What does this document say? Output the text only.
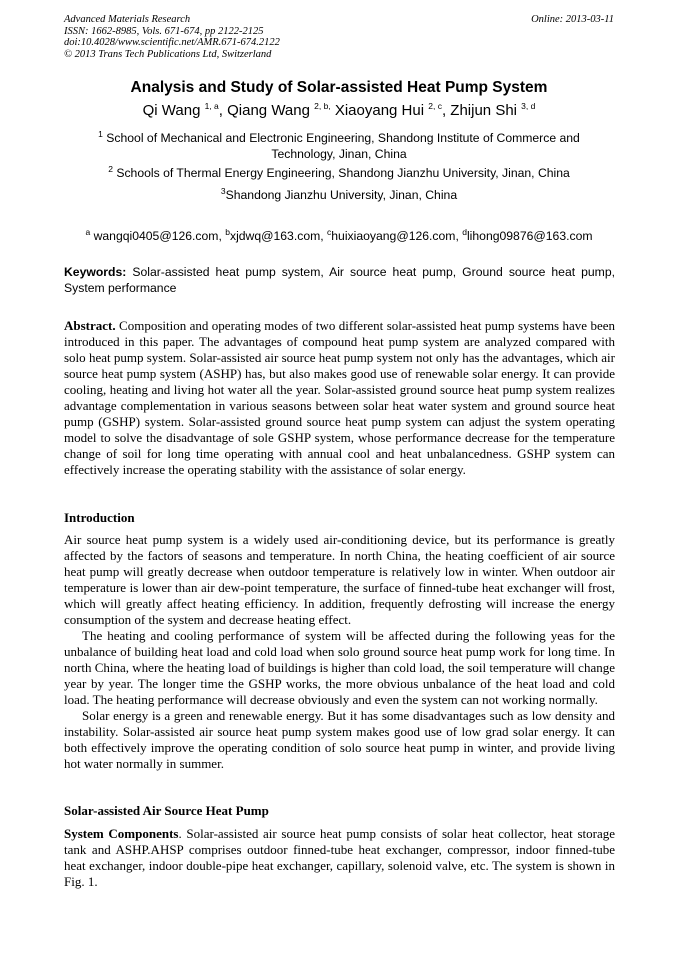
Advanced Materials Research
ISSN: 1662-8985, Vols. 671-674, pp 2122-2125
doi:10.4028/www.scientific.net/AMR.671-674.2122
© 2013 Trans Tech Publications Ltd, Switzerland
Online: 2013-03-11
Analysis and Study of Solar-assisted Heat Pump System
Qi Wang $^{1, a}$, Qiang Wang $^{2, b,}$ Xiaoyang Hui $^{2, c}$, Zhijun Shi $^{3, d}$
$^1$ School of Mechanical and Electronic Engineering, Shandong Institute of Commerce and Technology, Jinan, China
$^2$ Schools of Thermal Energy Engineering, Shandong Jianzhu University, Jinan, China
$^3$Shandong Jianzhu University, Jinan, China
$^a$ wangqi0405@126.com, $^b$xjdwq@163.com, $^c$huixiaoyang@126.com, $^d$lihong09876@163.com
Keywords: Solar-assisted heat pump system, Air source heat pump, Ground source heat pump, System performance

Abstract. Composition and operating modes of two different solar-assisted heat pump systems have been introduced in this paper. The advantages of compound heat pump system are analyzed compared with solo heat pump system. Solar-assisted air source heat pump system not only has the advantages, which air source heat pump system (ASHP) has, but also makes good use of renewable solar energy. It can provide cooling, heating and living hot water all the year. Solar-assisted ground source heat pump system realizes advantage complementation in various seasons between solar heat water system and ground source heat pump (GSHP) system. Solar-assisted ground source heat pump system can adjust the system operating model to solve the disadvantage of sole GSHP system, whose performance decrease for the temperature change of soil for long time operating with annual cool and heat unbalancedness. GSHP system can effectively increase the operating stability with the assistance of solar energy.

Introduction

Air source heat pump system is a widely used air-conditioning device, but its performance is greatly affected by the factors of seasons and temperature. In north China, the heating coefficient of air source heat pump will greatly decrease when outdoor temperature is relatively low in winter. When outdoor air temperature is lower than air dew-point temperature, the surface of finned-tube heat exchanger will frost, which will greatly affect heating efficiency. In addition, frequently defrosting will increase the energy consumption of the system and decrease heating effect.

The heating and cooling performance of system will be affected during the following yeas for the unbalance of building heat load and cold load when solo ground source heat pump work for long time. In north China, where the heating load of buildings is higher than cold load, the soil temperature will change year by year. The longer time the GSHP works, the more obvious unbalance of the heat load and cold load. The heating performance will decrease obviously and even the system can not working normally.

Solar energy is a green and renewable energy. But it has some disadvantages such as low density and instability. Solar-assisted air source heat pump system makes good use of low grad solar energy. It can both effectively improve the operating condition of solo source heat pump in winter, and provide living hot water normally in summer.

Solar-assisted Air Source Heat Pump

System Components. Solar-assisted air source heat pump consists of solar heat collector, heat storage tank and ASHP.AHSP comprises outdoor finned-tube heat exchanger, compressor, indoor finned-tube heat exchanger, indoor double-pipe heat exchanger, capillary, solenoid valve, etc. The system is shown in Fig. 1.
